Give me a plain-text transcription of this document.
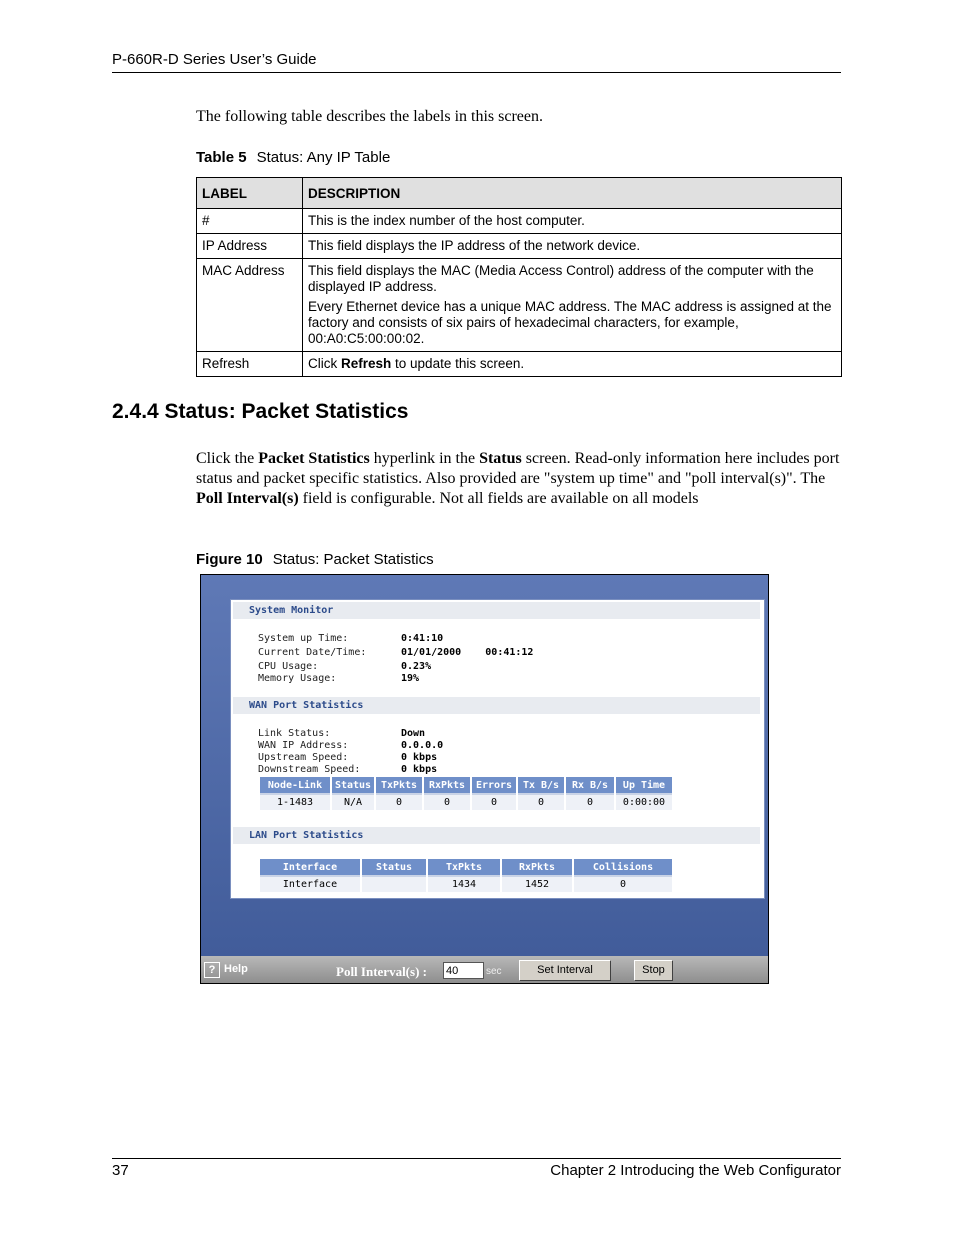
P-660R-D Series User’s Guide
The following table describes the labels in this screen.
Table 5 Status: Any IP Table
LABEL	DESCRIPTION
#	This is the index number of the host computer.

IP Address	This field displays the IP address of the network device.

MAC Address	This field displays the MAC (Media Access Control) address of the computer with the displayed IP address.

Every Ethernet device has a unique MAC address. The MAC address is assigned at the factory and consists of six pairs of hexadecimal characters, for example, 00:A0:C5:00:00:02.

Refresh	Click Refresh to update this screen.

2.4.4 Status: Packet Statistics
Click the Packet Statistics hyperlink in the Status screen. Read-only information here includes port status and packet specific statistics. Also provided are "system up time" and "poll interval(s)". The Poll Interval(s) field is configurable. Not all fields are available on all models
Figure 10 Status: Packet Statistics
System Monitor
System up Time:	0:41:10
Current Date/Time:	01/01/2000    00:41:12
CPU Usage:	0.23%
Memory Usage:	19%
WAN Port Statistics
Link Status:	Down
WAN IP Address:	0.0.0.0
Upstream Speed:	0 kbps
Downstream Speed:	0 kbps
Node-Link	Status	TxPkts	RxPkts	Errors	Tx B/s	Rx B/s	Up Time
1-1483	N/A	0	0	0	0	0	0:00:00
LAN Port Statistics
Interface	Status	TxPkts	RxPkts	Collisions
Interface		1434	1452	0
? Help	Poll Interval(s) :
40	sec	Set Interval	Stop
37	Chapter 2 Introducing the Web Configurator
